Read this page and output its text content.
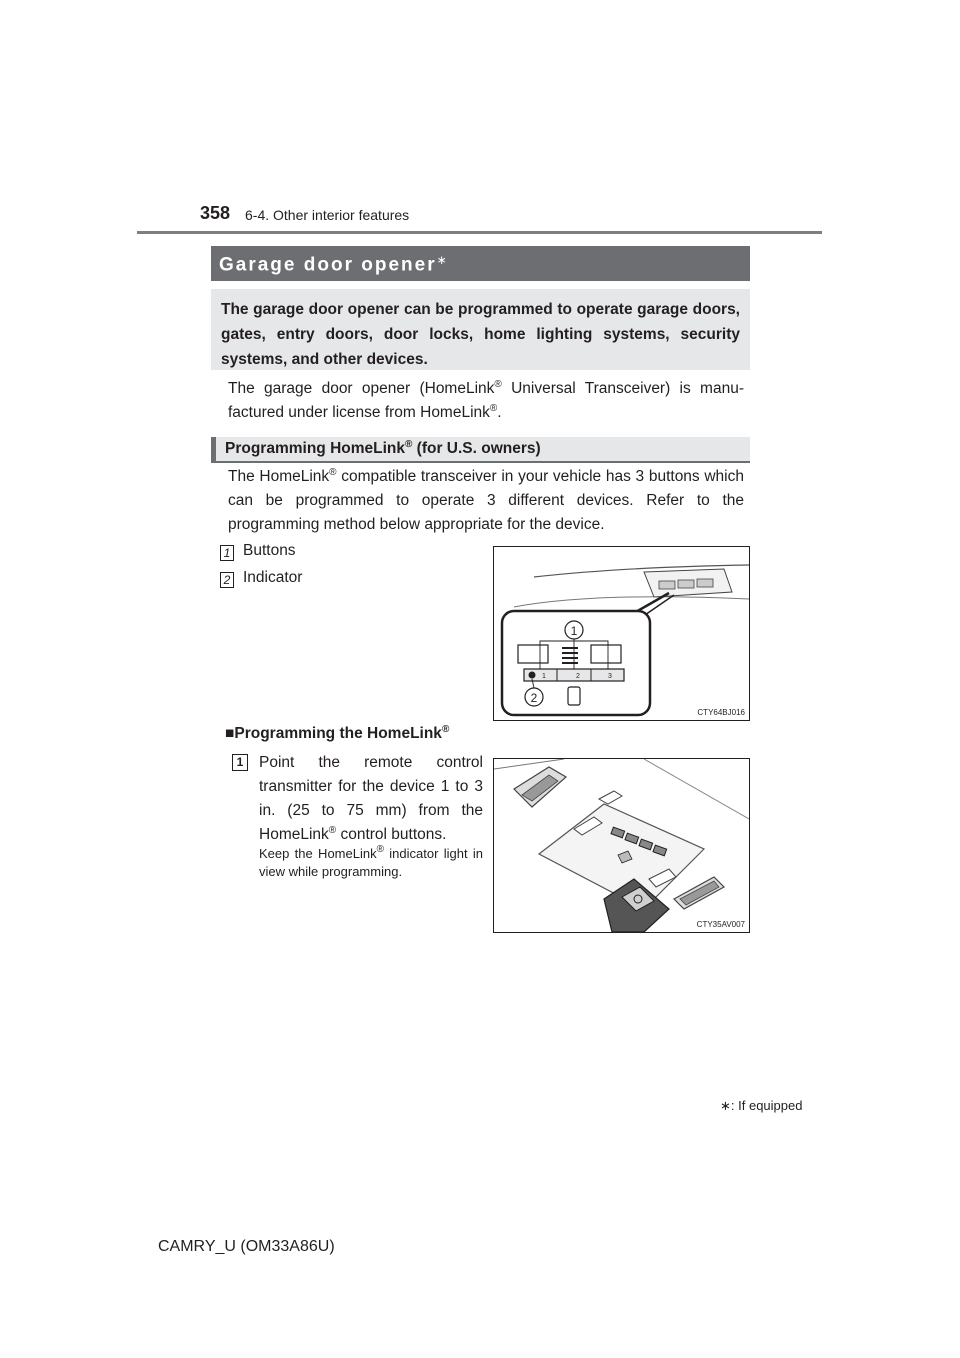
358 6-4. Other interior features
Garage door opener∗
The garage door opener can be programmed to operate garage doors, gates, entry doors, door locks, home lighting systems, security systems, and other devices.
The garage door opener (HomeLink® Universal Transceiver) is manu-factured under license from HomeLink®.
Programming HomeLink® (for U.S. owners)
The HomeLink® compatible transceiver in your vehicle has 3 buttons which can be programmed to operate 3 different devices. Refer to the programming method below appropriate for the device.
1 Buttons
2 Indicator
1	2	3
1
2
CTY64BJ016
■Programming the HomeLink®
1	Point the remote control transmitter for the device 1 to 3 in. (25 to 75 mm) from the HomeLink® control buttons.
Keep the HomeLink® indicator light in view while programming.
CTY35AV007
∗: If equipped
CAMRY_U (OM33A86U)
